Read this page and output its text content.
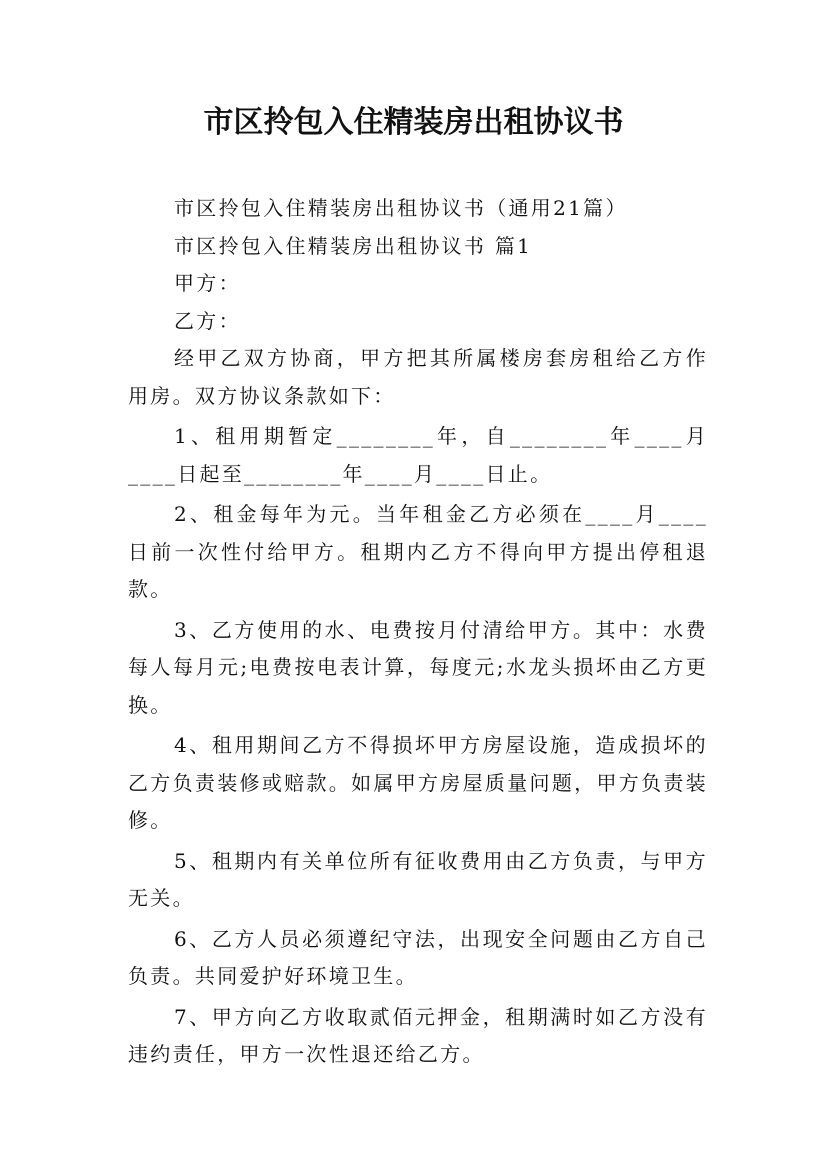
市区拎包入住精装房出租协议书

市区拎包入住精装房出租协议书（通用21篇）

市区拎包入住精装房出租协议书 篇1

甲方：

乙方：

经甲乙双方协商，甲方把其所属楼房套房租给乙方作用房。双方协议条款如下：

1、租用期暂定________年，自________年____月____日起至________年____月____日止。

2、租金每年为元。当年租金乙方必须在____月____日前一次性付给甲方。租期内乙方不得向甲方提出停租退款。

3、乙方使用的水、电费按月付清给甲方。其中：水费每人每月元;电费按电表计算，每度元;水龙头损坏由乙方更换。

4、租用期间乙方不得损坏甲方房屋设施，造成损坏的乙方负责装修或赔款。如属甲方房屋质量问题，甲方负责装修。

5、租期内有关单位所有征收费用由乙方负责，与甲方无关。

6、乙方人员必须遵纪守法，出现安全问题由乙方自己负责。共同爱护好环境卫生。

7、甲方向乙方收取贰佰元押金，租期满时如乙方没有违约责任，甲方一次性退还给乙方。
